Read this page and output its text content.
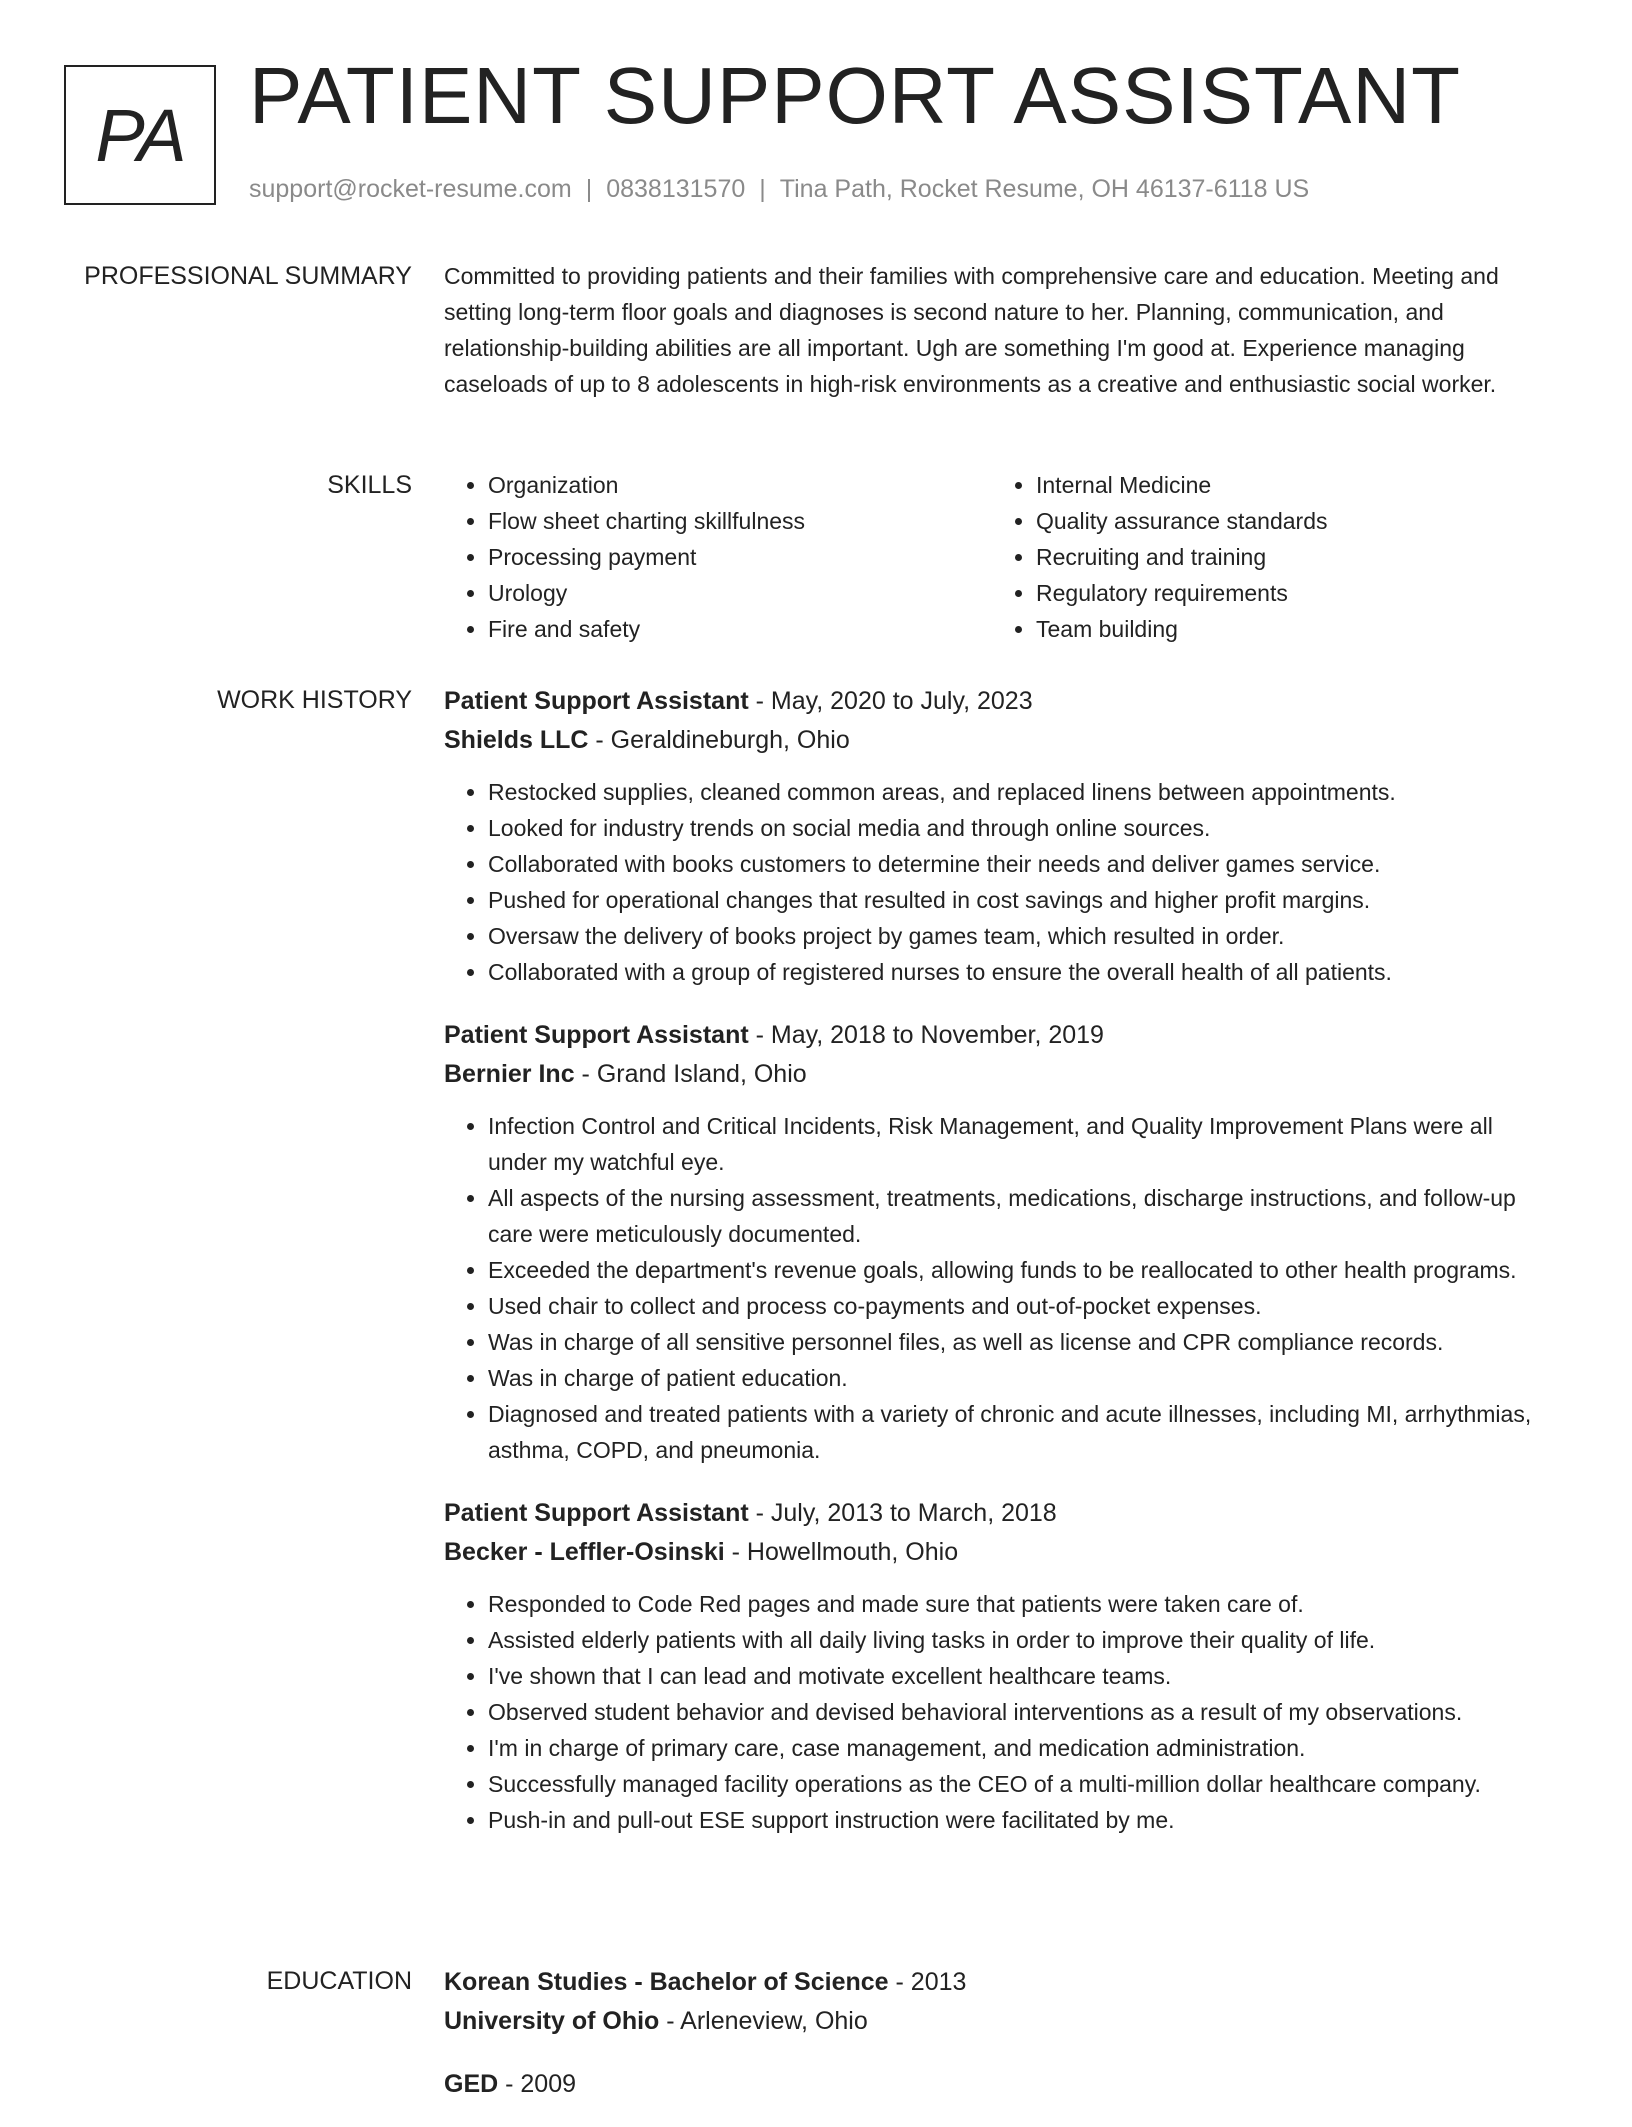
PA PATIENT SUPPORT ASSISTANT
support@rocket-resume.com | 0838131570 | Tina Path, Rocket Resume, OH 46137-6118 US
PROFESSIONAL SUMMARY Committed to providing patients and their families with comprehensive care and education. Meeting and setting long-term floor goals and diagnoses is second nature to her. Planning, communication, and relationship-building abilities are all important. Ugh are something I'm good at. Experience managing caseloads of up to 8 adolescents in high-risk environments as a creative and enthusiastic social worker.

SKILLS
•	Organization
• Flow sheet charting skillfulness
• Processing payment
• Urology
• Fire and safety
• Internal Medicine
• Quality assurance standards
• Recruiting and training
• Regulatory requirements
• Team building
WORK HISTORY Patient Support Assistant - May, 2020 to July, 2023
Shields LLC - Geraldineburgh, Ohio
• Restocked supplies, cleaned common areas, and replaced linens between appointments.
• Looked for industry trends on social media and through online sources.
• Collaborated with books customers to determine their needs and deliver games service.
• Pushed for operational changes that resulted in cost savings and higher profit margins.
• Oversaw the delivery of books project by games team, which resulted in order.
• Collaborated with a group of registered nurses to ensure the overall health of all patients.
Patient Support Assistant - May, 2018 to November, 2019
Bernier Inc - Grand Island, Ohio
• Infection Control and Critical Incidents, Risk Management, and Quality Improvement Plans were all under my watchful eye.
• All aspects of the nursing assessment, treatments, medications, discharge instructions, and follow-up care were meticulously documented.
• Exceeded the department's revenue goals, allowing funds to be reallocated to other health programs.
• Used chair to collect and process co-payments and out-of-pocket expenses.
• Was in charge of all sensitive personnel files, as well as license and CPR compliance records.
• Was in charge of patient education.
• Diagnosed and treated patients with a variety of chronic and acute illnesses, including MI, arrhythmias, asthma, COPD, and pneumonia.
Patient Support Assistant - July, 2013 to March, 2018
Becker - Leffler-Osinski - Howellmouth, Ohio
• Responded to Code Red pages and made sure that patients were taken care of.
• Assisted elderly patients with all daily living tasks in order to improve their quality of life.
• I've shown that I can lead and motivate excellent healthcare teams.
• Observed student behavior and devised behavioral interventions as a result of my observations.
• I'm in charge of primary care, case management, and medication administration.
• Successfully managed facility operations as the CEO of a multi-million dollar healthcare company.
• Push-in and pull-out ESE support instruction were facilitated by me.
EDUCATION Korean Studies - Bachelor of Science - 2013
University of Ohio - Arleneview, Ohio
GED - 2009
